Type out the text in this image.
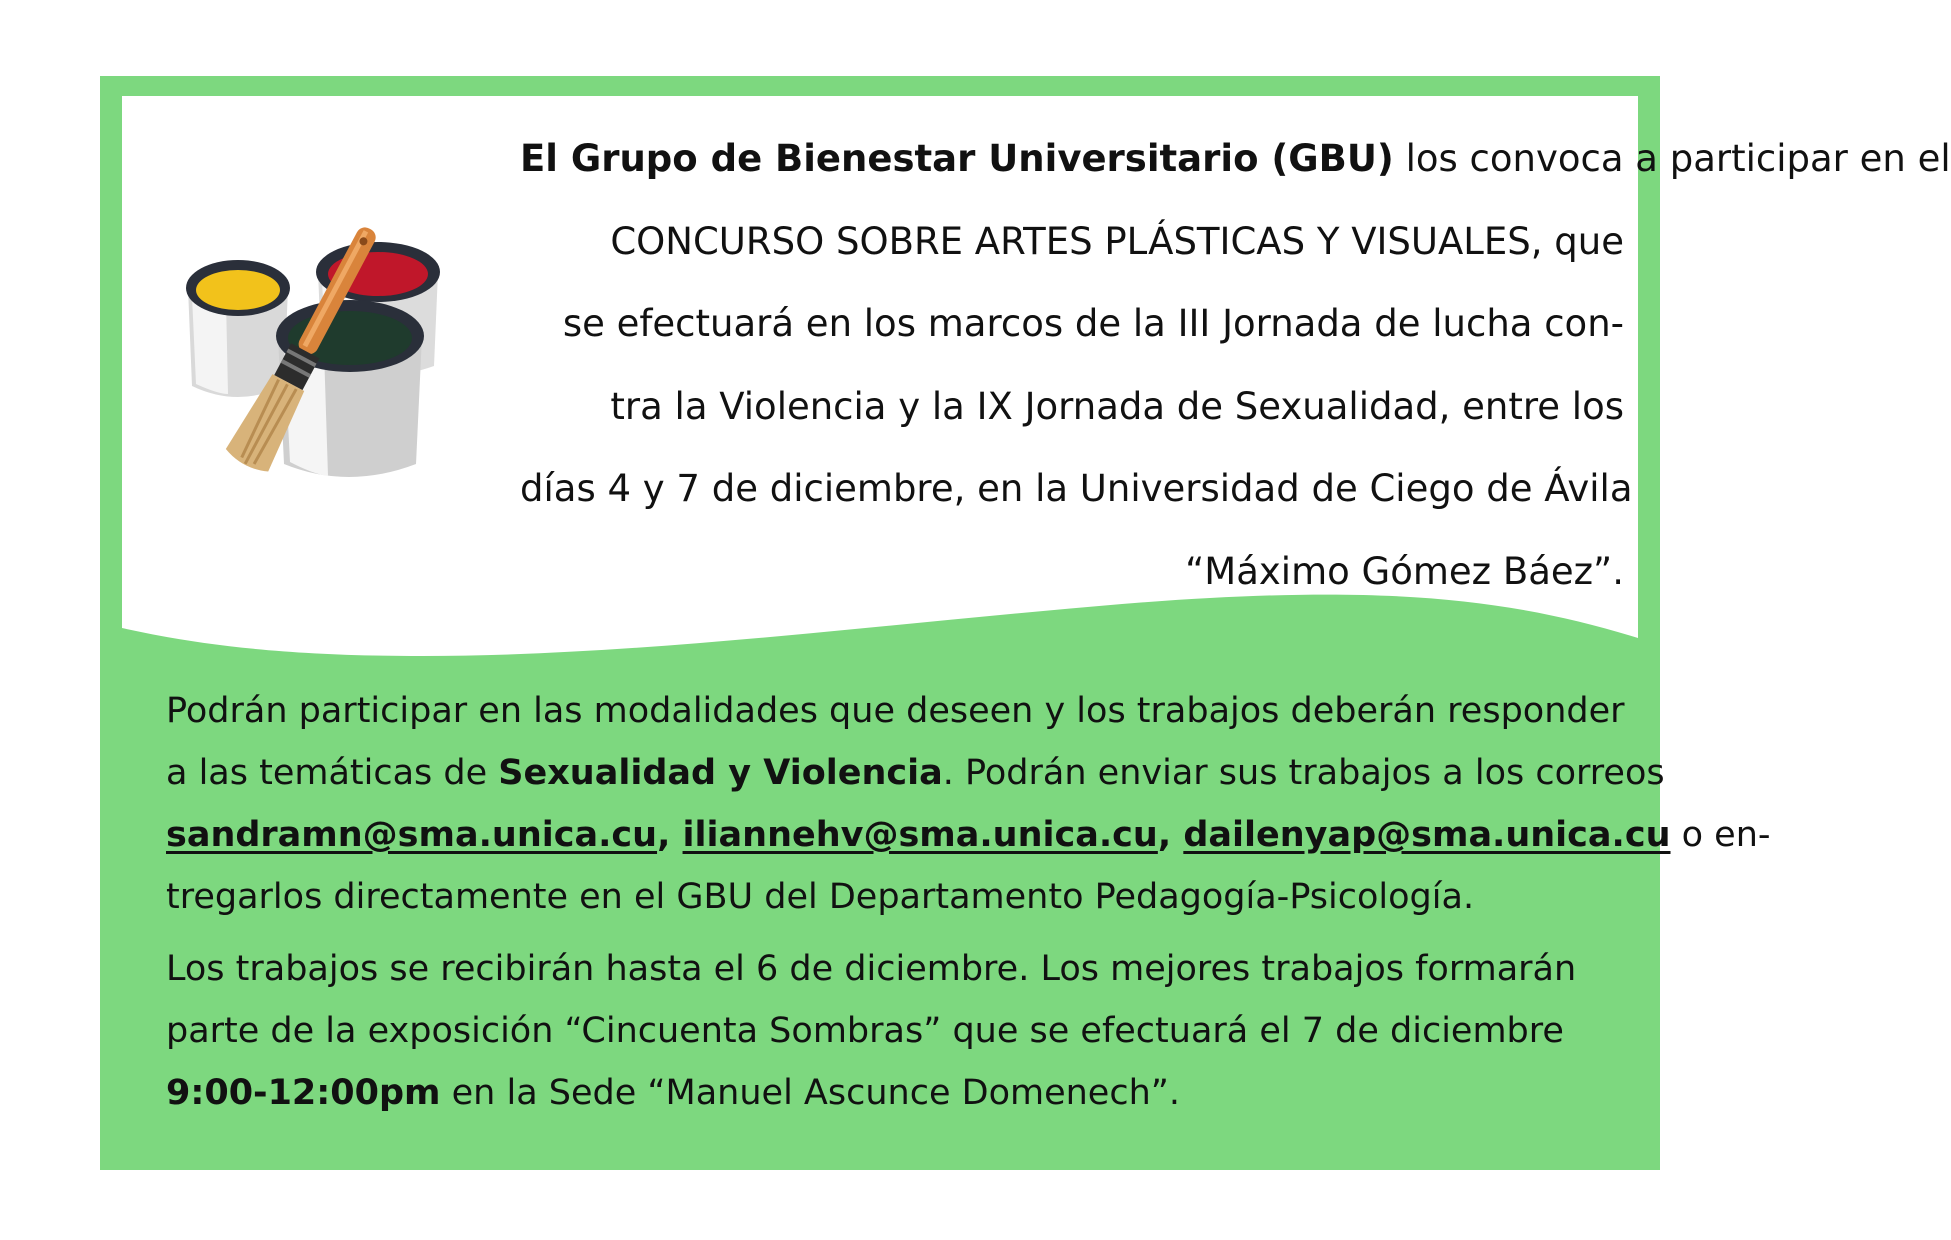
El Grupo de Bienestar Universitario (GBU) los convoca a participar en el
CONCURSO SOBRE ARTES PLÁSTICAS Y VISUALES, que
se efectuará en los marcos de la III Jornada de lucha con-
tra la Violencia y la IX Jornada de Sexualidad, entre los
días 4 y 7 de diciembre, en la Universidad de Ciego de Ávila
“Máximo Gómez Báez”.

Podrán participar en las modalidades que deseen y los trabajos deberán responder
a las temáticas de Sexualidad y Violencia. Podrán enviar sus trabajos a los correos
sandramn@sma.unica.cu, iliannehv@sma.unica.cu, dailenyap@sma.unica.cu o en-
tregarlos directamente en el GBU del Departamento Pedagogía-Psicología.

Los trabajos se recibirán hasta el 6 de diciembre. Los mejores trabajos formarán
parte de la exposición “Cincuenta Sombras” que se efectuará el 7 de diciembre
9:00-12:00pm en la Sede “Manuel Ascunce Domenech”.
